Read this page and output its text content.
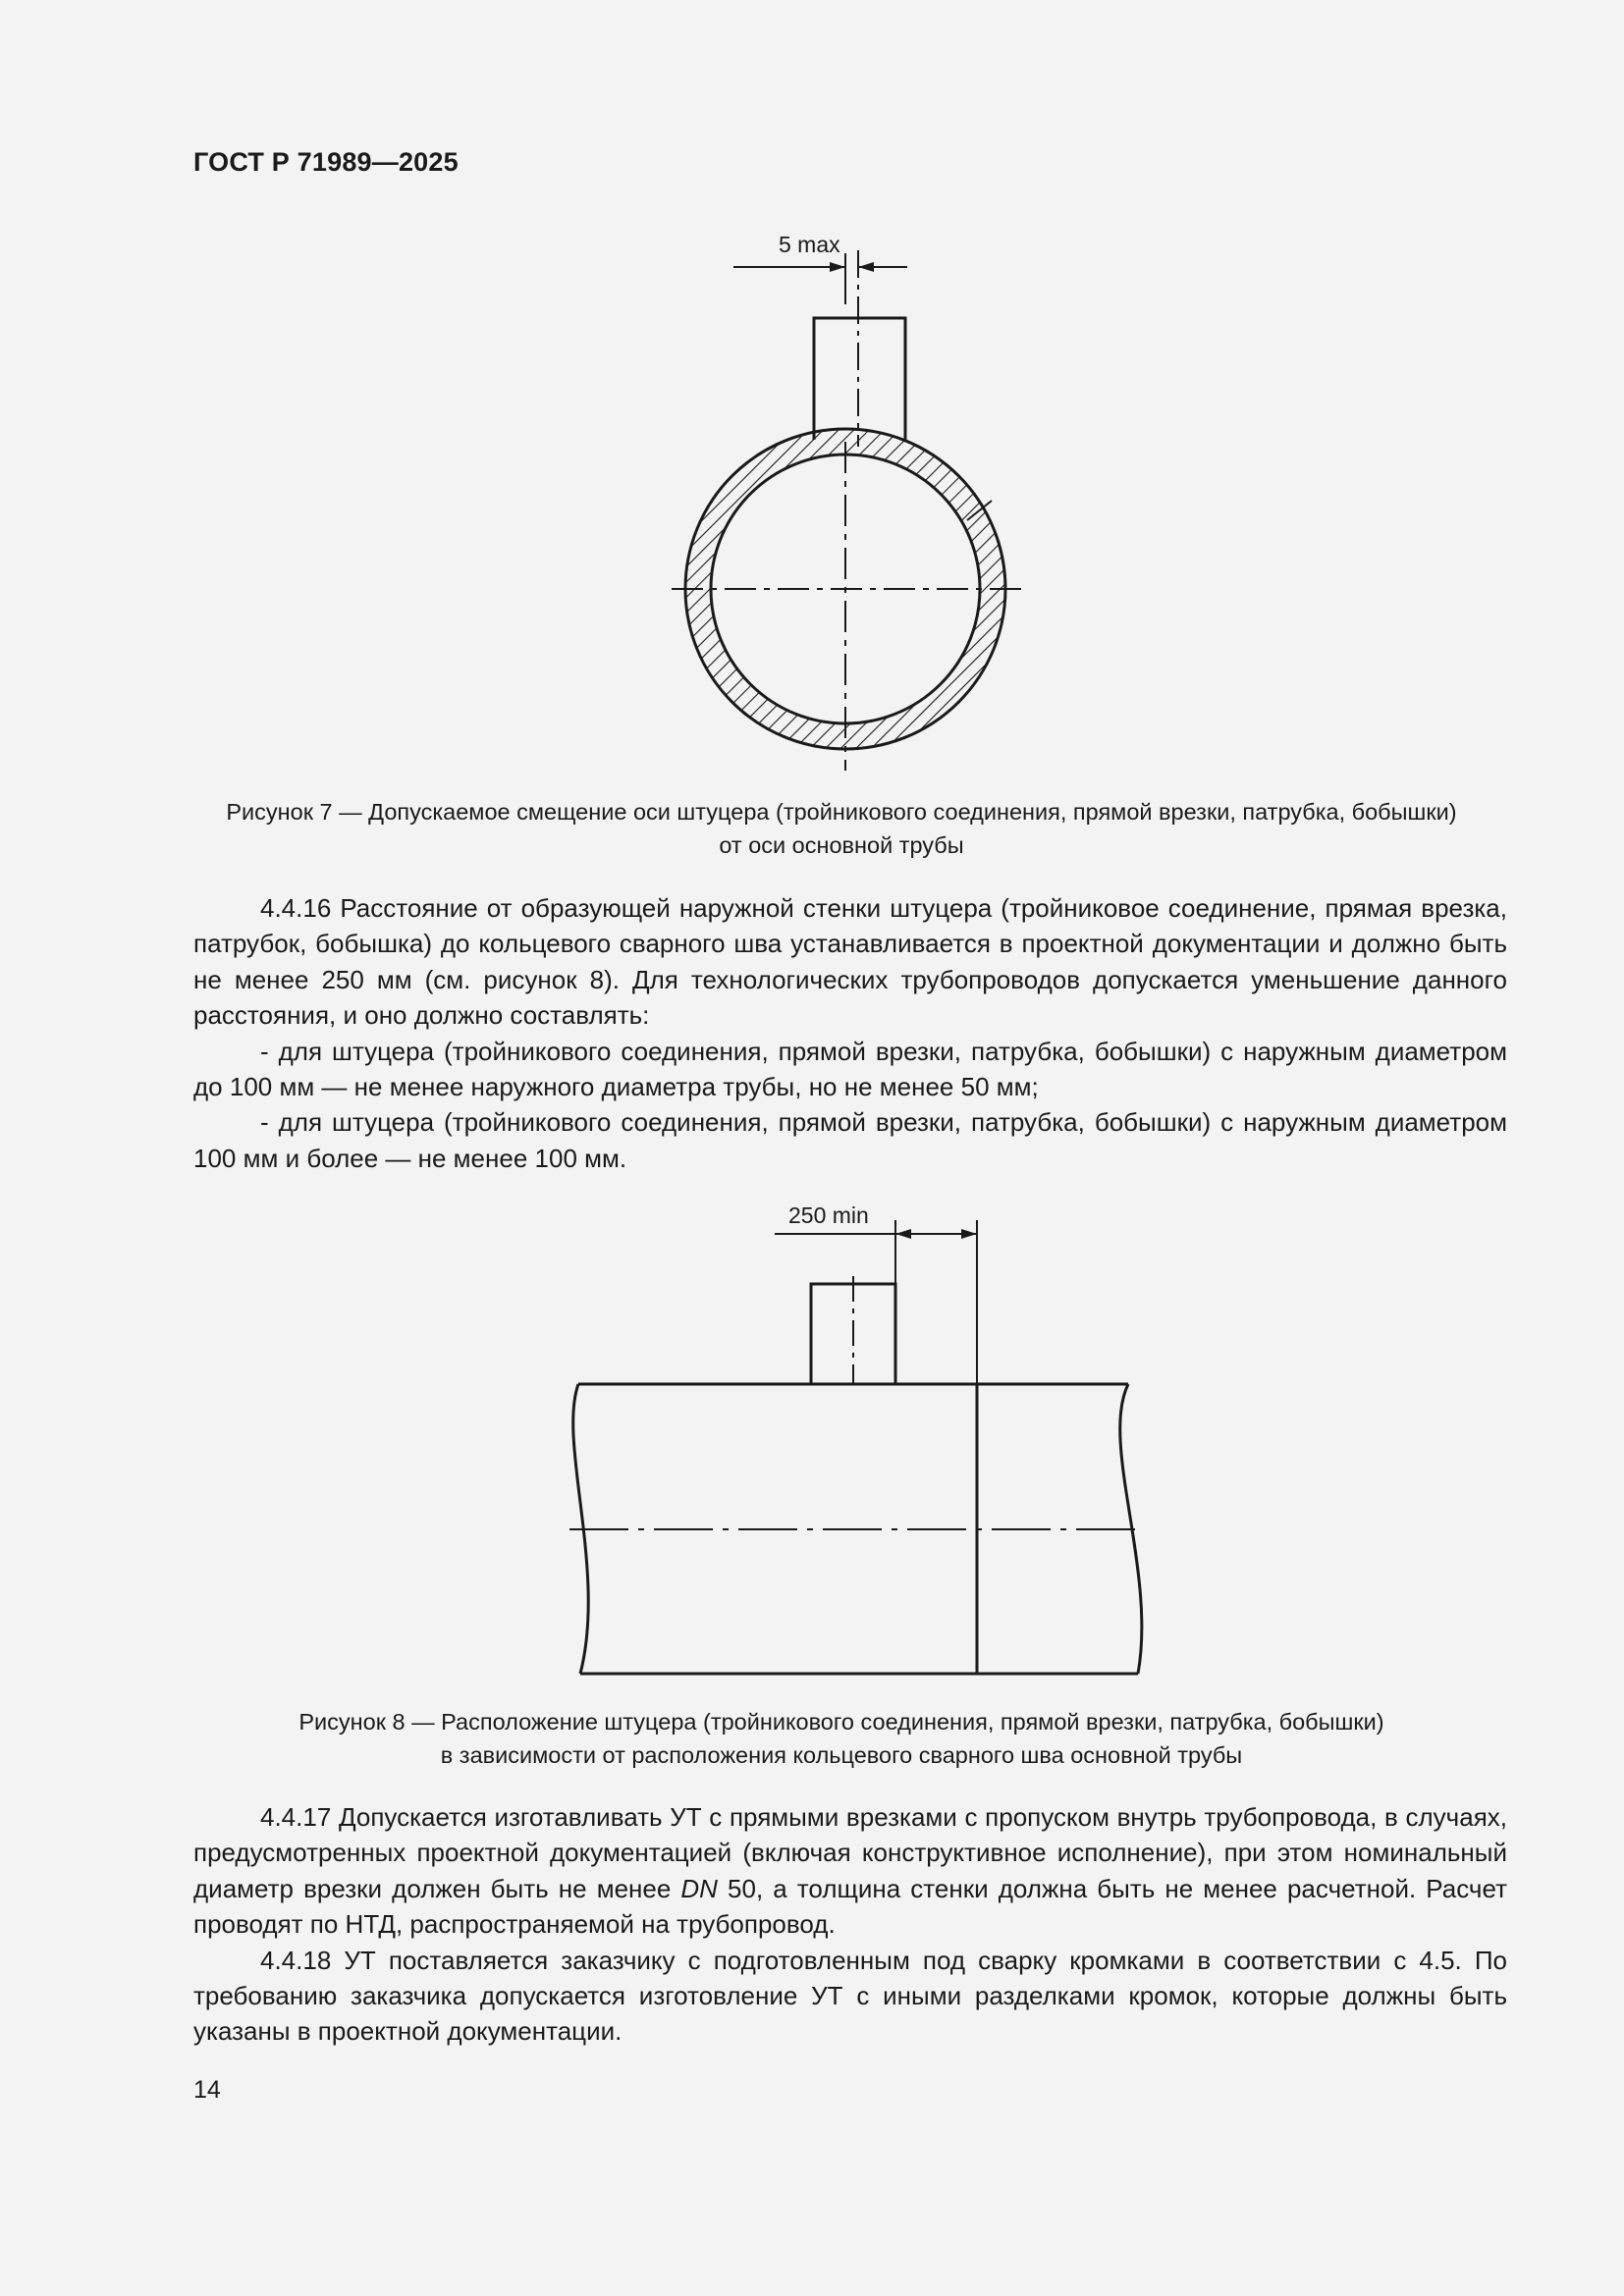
ГОСТ Р 71989—2025
5 max
Рисунок 7 — Допускаемое смещение оси штуцера (тройникового соединения, прямой врезки, патрубка, бобышки)
от оси основной трубы

4.4.16 Расстояние от образующей наружной стенки штуцера (тройниковое соединение, прямая врезка, патрубок, бобышка) до кольцевого сварного шва устанавливается в проектной документации и должно быть не менее 250 мм (см. рисунок 8). Для технологических трубопроводов допускается уменьшение данного расстояния, и оно должно составлять:

- для штуцера (тройникового соединения, прямой врезки, патрубка, бобышки) с наружным диаметром до 100 мм — не менее наружного диаметра трубы, но не менее 50 мм;

- для штуцера (тройникового соединения, прямой врезки, патрубка, бобышки) с наружным диаметром 100 мм и более — не менее 100 мм.

250 min
Рисунок 8 — Расположение штуцера (тройникового соединения, прямой врезки, патрубка, бобышки)
в зависимости от расположения кольцевого сварного шва основной трубы

4.4.17 Допускается изготавливать УТ с прямыми врезками с пропуском внутрь трубопровода, в случаях, предусмотренных проектной документацией (включая конструктивное исполнение), при этом номинальный диаметр врезки должен быть не менее DN 50, а толщина стенки должна быть не менее расчетной. Расчет проводят по НТД, распространяемой на трубопровод.

4.4.18 УТ поставляется заказчику с подготовленным под сварку кромками в соответствии с 4.5. По требованию заказчика допускается изготовление УТ с иными разделками кромок, которые должны быть указаны в проектной документации.

14
